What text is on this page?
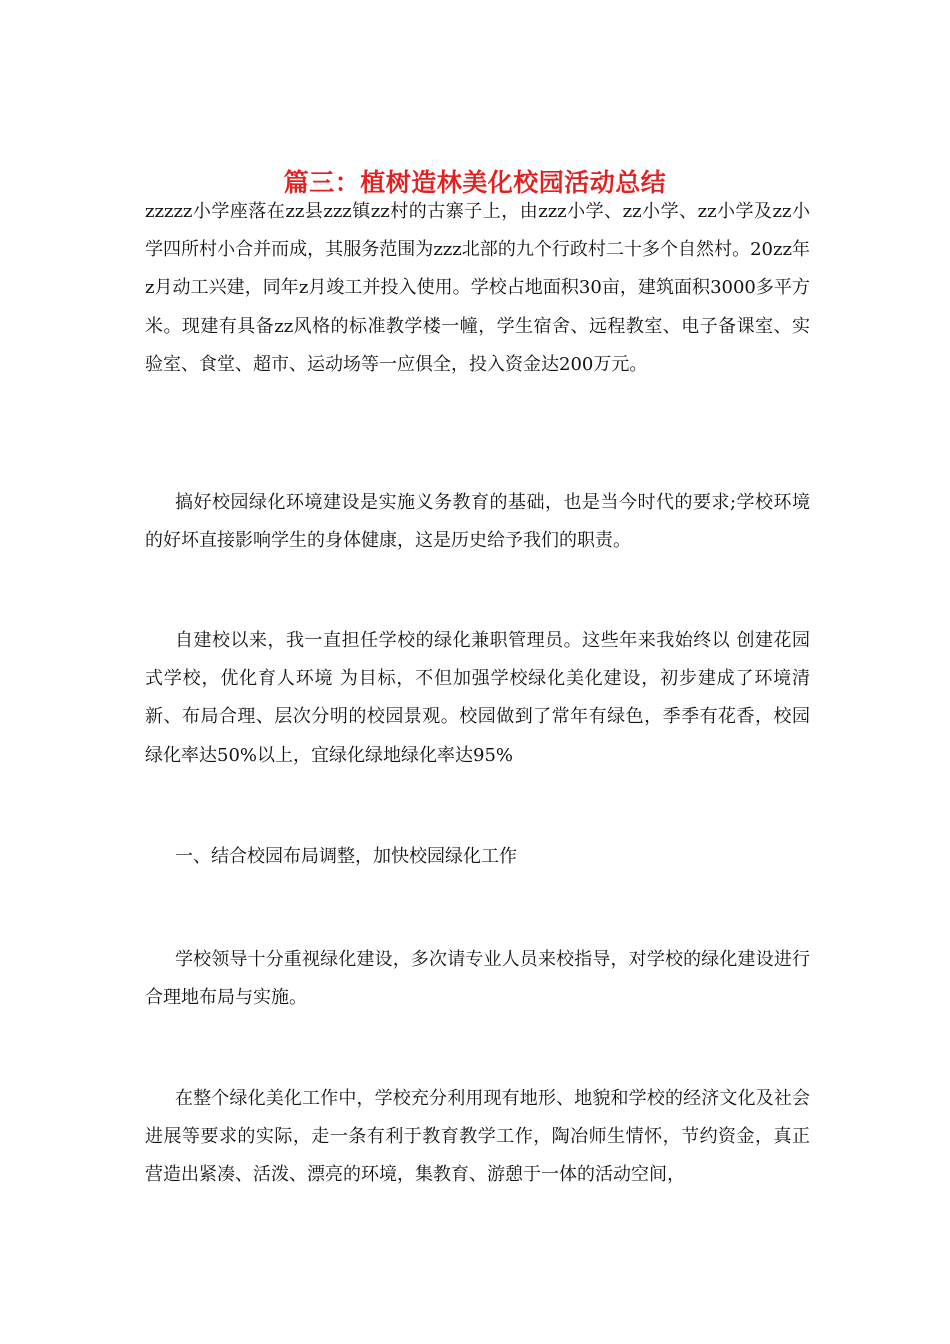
篇三：植树造林美化校园活动总结

zzzzz小学座落在zz县zzz镇zz村的古寨子上，由zzz小学、zz小学、zz小学及zz小学四所村小合并而成，其服务范围为zzz北部的九个行政村二十多个自然村。20zz年z月动工兴建，同年z月竣工并投入使用。学校占地面积30亩，建筑面积3000多平方米。现建有具备zz风格的标准教学楼一幢，学生宿舍、远程教室、电子备课室、实验室、食堂、超市、运动场等一应俱全，投入资金达200万元。

搞好校园绿化环境建设是实施义务教育的基础，也是当今时代的要求;学校环境的好坏直接影响学生的身体健康，这是历史给予我们的职责。

自建校以来，我一直担任学校的绿化兼职管理员。这些年来我始终以 创建花园式学校，优化育人环境 为目标，不但加强学校绿化美化建设，初步建成了环境清新、布局合理、层次分明的校园景观。校园做到了常年有绿色，季季有花香，校园绿化率达50%以上，宜绿化绿地绿化率达95%

一、结合校园布局调整，加快校园绿化工作

学校领导十分重视绿化建设，多次请专业人员来校指导，对学校的绿化建设进行合理地布局与实施。

在整个绿化美化工作中，学校充分利用现有地形、地貌和学校的经济文化及社会进展等要求的实际，走一条有利于教育教学工作，陶冶师生情怀，节约资金，真正营造出紧凑、活泼、漂亮的环境，集教育、游憩于一体的活动空间，
